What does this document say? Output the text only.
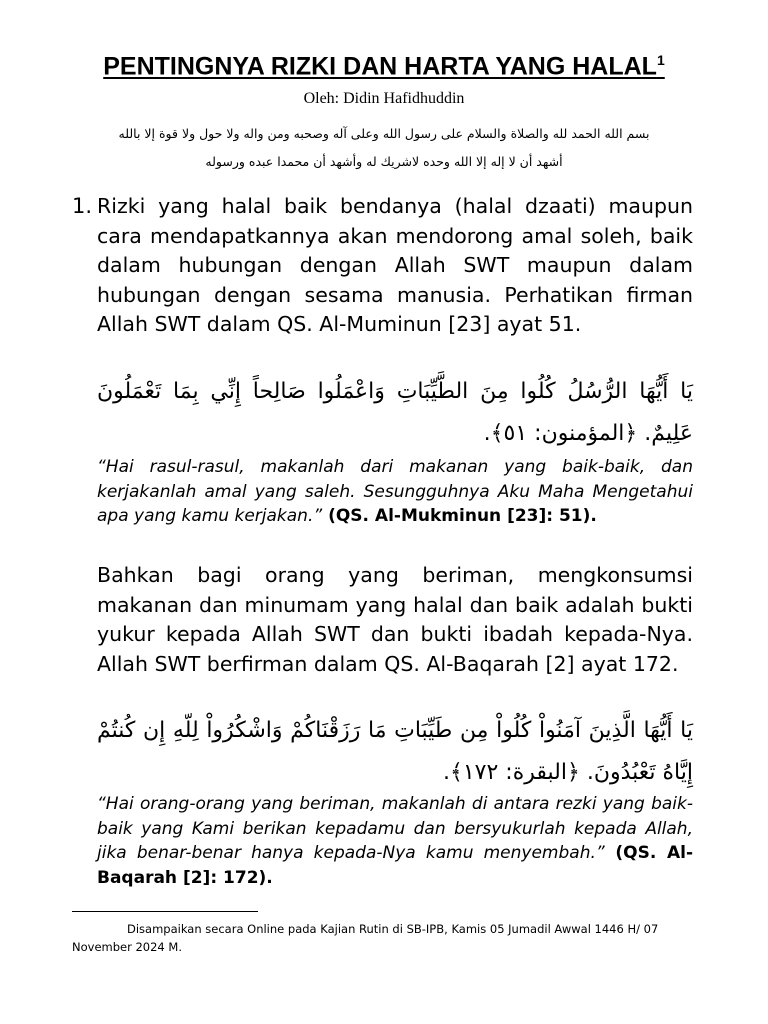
PENTINGNYA RIZKI DAN HARTA YANG HALAL$^1$
Oleh: Didin Hafidhuddin
بسم الله الحمد لله والصلاة والسلام على رسول الله وعلى آله وصحبه ومن واله ولا حول ولا قوة إلا بالله
أشهد أن لا إله إلا الله وحده لاشريك له وأشهد أن محمدا عبده ورسوله
1. Rizki yang halal baik bendanya (halal dzaati) maupun cara mendapatkannya akan mendorong amal soleh, baik dalam hubungan dengan Allah SWT maupun dalam hubungan dengan sesama manusia. Perhatikan firman Allah SWT dalam QS. Al-Muminun [23] ayat 51.
يَا أَيُّهَا الرُّسُلُ كُلُوا مِنَ الطَّيِّبَاتِ وَاعْمَلُوا صَالِحاً إِنِّي بِمَا تَعْمَلُونَ عَلِيمٌ. ﴿المؤمنون: ٥١﴾.
“Hai rasul-rasul, makanlah dari makanan yang baik-baik, dan kerjakanlah amal yang saleh. Sesungguhnya Aku Maha Mengetahui apa yang kamu kerjakan.” (QS. Al-Mukminun [23]: 51).
Bahkan bagi orang yang beriman, mengkonsumsi makanan dan minumam yang halal dan baik adalah bukti yukur kepada Allah SWT dan bukti ibadah kepada-Nya. Allah SWT berfirman dalam QS. Al-Baqarah [2] ayat 172.
يَا أَيُّهَا الَّذِينَ آمَنُواْ كُلُواْ مِن طَيِّبَاتِ مَا رَزَقْنَاكُمْ وَاشْكُرُواْ لِلّهِ إِن كُنتُمْ إِيَّاهُ تَعْبُدُونَ. ﴿البقرة: ١٧٢﴾.
“Hai orang-orang yang beriman, makanlah di antara rezki yang baik-baik yang Kami berikan kepadamu dan bersyukurlah kepada Allah, jika benar-benar hanya kepada-Nya kamu menyembah.” (QS. Al-Baqarah [2]: 172).
Disampaikan secara Online pada Kajian Rutin di SB-IPB, Kamis 05 Jumadil Awwal 1446 H/ 07 November 2024 M.
